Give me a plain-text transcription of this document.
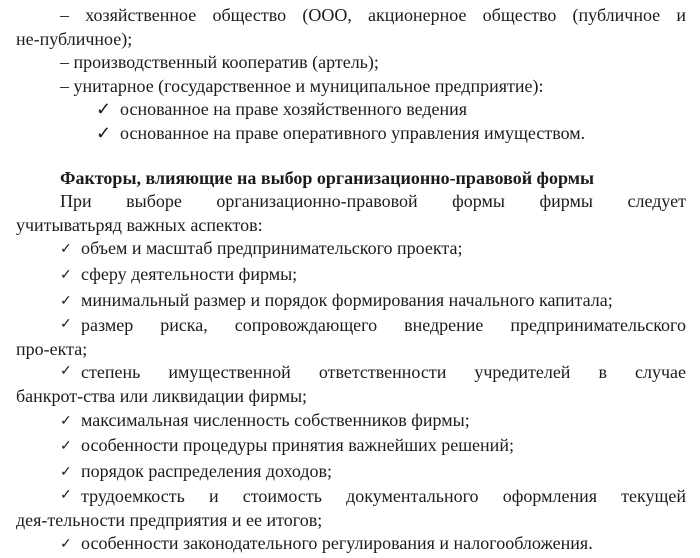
– хозяйственное общество (ООО, акционерное общество (публичное и
не-публичное);
– производственный кооператив (артель);
– унитарное (государственное и муниципальное предприятие):
✓ основанное на праве хозяйственного ведения
✓ основанное на праве оперативного управления имуществом.
Факторы, влияющие на выбор организационно-правовой формы
При выборе организационно-правовой формы фирмы следует
учитыватьряд важных аспектов:
✓ объем и масштаб предпринимательского проекта;
✓ сферу деятельности фирмы;
✓ минимальный размер и порядок формирования начального капитала;
✓ размер риска, сопровождающего внедрение предпринимательского
про-екта;
✓ степень имущественной ответственности учредителей в случае
банкрот-ства или ликвидации фирмы;
✓ максимальная численность собственников фирмы;
✓ особенности процедуры принятия важнейших решений;
✓ порядок распределения доходов;
✓ трудоемкость и стоимость документального оформления текущей
дея-тельности предприятия и ее итогов;
✓ особенности законодательного регулирования и налогообложения.
